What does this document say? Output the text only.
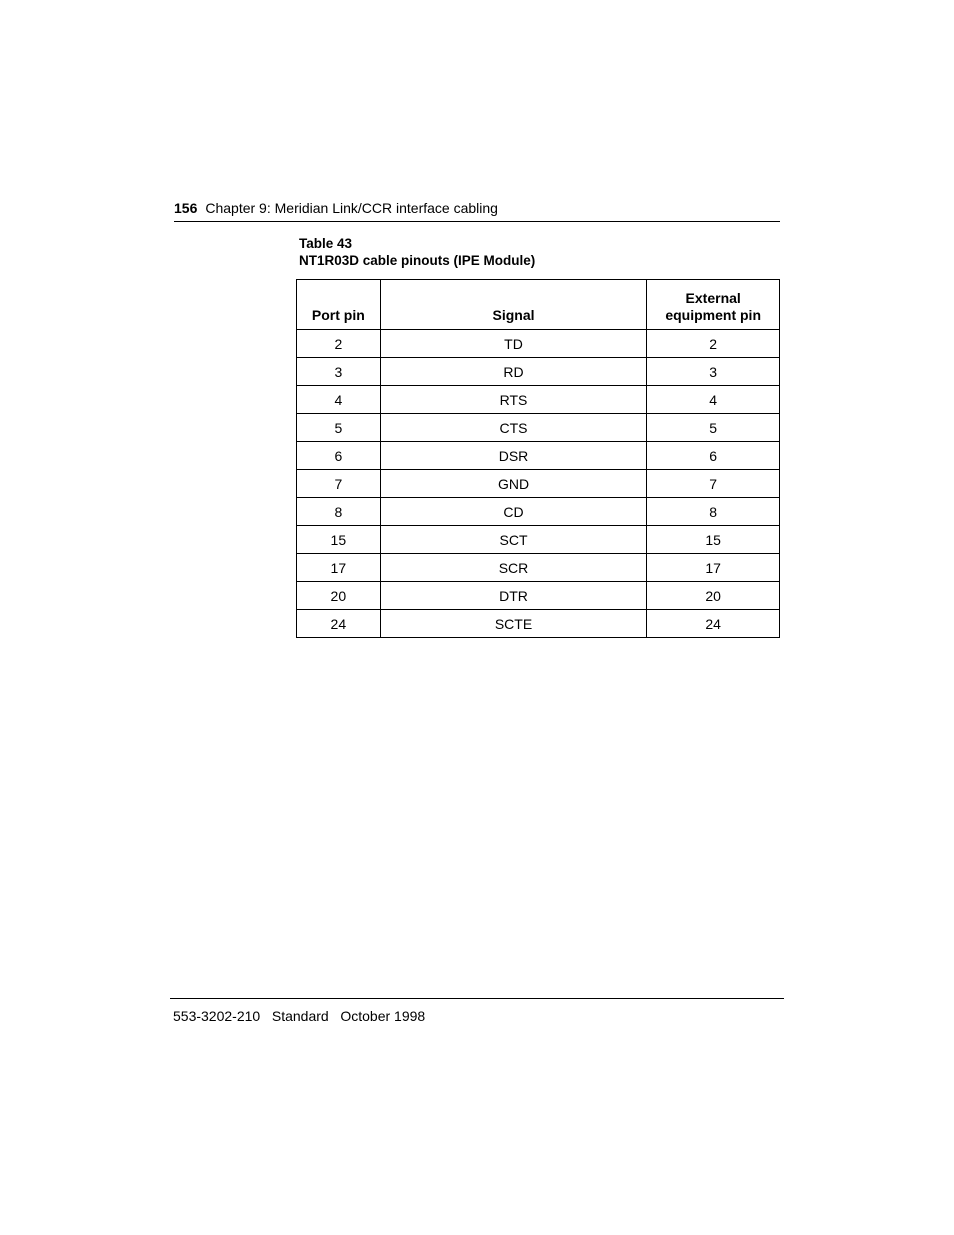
156 Chapter 9: Meridian Link/CCR interface cabling
Table 43
NT1R03D cable pinouts (IPE Module)
Port pin	Signal	External
equipment pin
2	TD	2
3	RD	3
4	RTS	4
5	CTS	5
6	DSR	6
7	GND	7
8	CD	8
15	SCT	15
17	SCR	17
20	DTR	20
24	SCTE	24
553-3202-210 Standard October 1998
